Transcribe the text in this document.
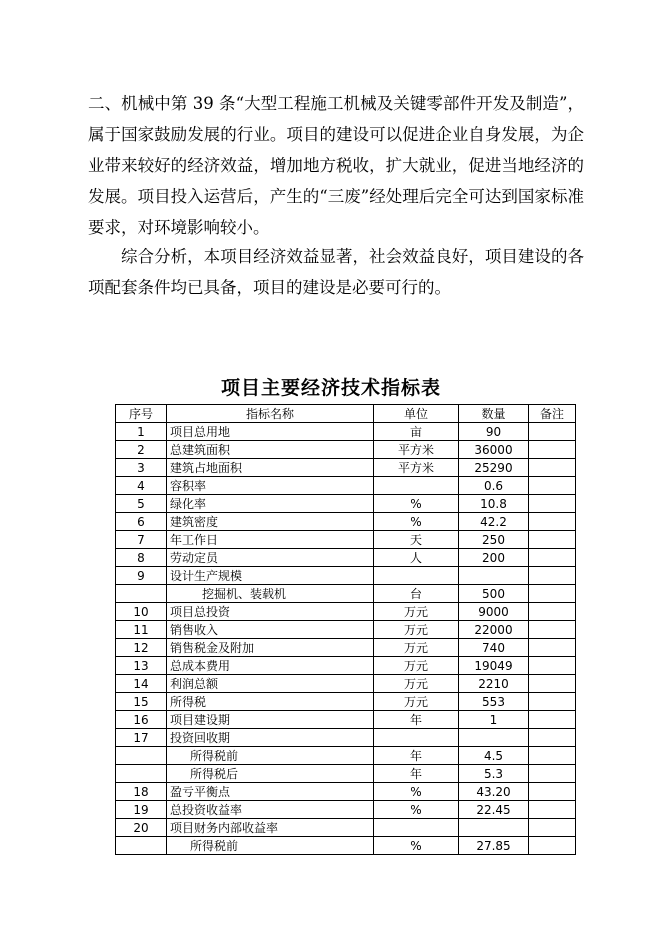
二、机械中第 39 条“大型工程施工机械及关键零部件开发及制造”，属于国家鼓励发展的行业。项目的建设可以促进企业自身发展，为企业带来较好的经济效益，增加地方税收，扩大就业，促进当地经济的发展。项目投入运营后，产生的“三废”经处理后完全可达到国家标准要求，对环境影响较小。
综合分析，本项目经济效益显著，社会效益良好，项目建设的各项配套条件均已具备，项目的建设是必要可行的。
项目主要经济技术指标表
序号	指标名称	单位	数量	备注
1	项目总用地	亩	90	
2	总建筑面积	平方米	36000	
3	建筑占地面积	平方米	25290	
4	容积率		0.6	
5	绿化率	%	10.8	
6	建筑密度	%	42.2	
7	年工作日	天	250	
8	劳动定员	人	200	
9	设计生产规模			
	挖掘机、装载机	台	500	
10	项目总投资	万元	9000	
11	销售收入	万元	22000	
12	销售税金及附加	万元	740	
13	总成本费用	万元	19049	
14	利润总额	万元	2210	
15	所得税	万元	553	
16	项目建设期	年	1	
17	投资回收期			
	所得税前	年	4.5	
	所得税后	年	5.3	
18	盈亏平衡点	%	43.20	
19	总投资收益率	%	22.45	
20	项目财务内部收益率			
	所得税前	%	27.85	
